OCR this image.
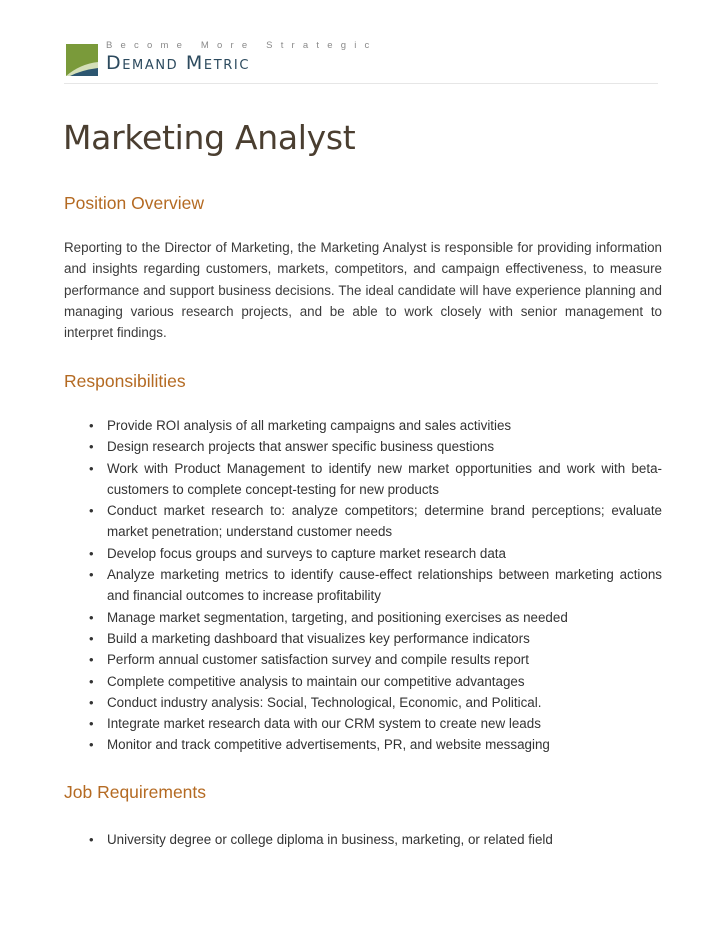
Become More Strategic
Demand Metric
Marketing Analyst
Position Overview

Reporting to the Director of Marketing, the Marketing Analyst is responsible for providing information and insights regarding customers, markets, competitors, and campaign effectiveness, to measure performance and support business decisions. The ideal candidate will have experience planning and managing various research projects, and be able to work closely with senior management to interpret findings.

Responsibilities
• Provide ROI analysis of all marketing campaigns and sales activities
• Design research projects that answer specific business questions
• Work with Product Management to identify new market opportunities and work with beta-customers to complete concept-testing for new products
• Conduct market research to: analyze competitors; determine brand perceptions; evaluate market penetration; understand customer needs
• Develop focus groups and surveys to capture market research data
• Analyze marketing metrics to identify cause-effect relationships between marketing actions and financial outcomes to increase profitability
• Manage market segmentation, targeting, and positioning exercises as needed
• Build a marketing dashboard that visualizes key performance indicators
• Perform annual customer satisfaction survey and compile results report
• Complete competitive analysis to maintain our competitive advantages
• Conduct industry analysis: Social, Technological, Economic, and Political.
• Integrate market research data with our CRM system to create new leads
• Monitor and track competitive advertisements, PR, and website messaging
Job Requirements
• University degree or college diploma in business, marketing, or related field
